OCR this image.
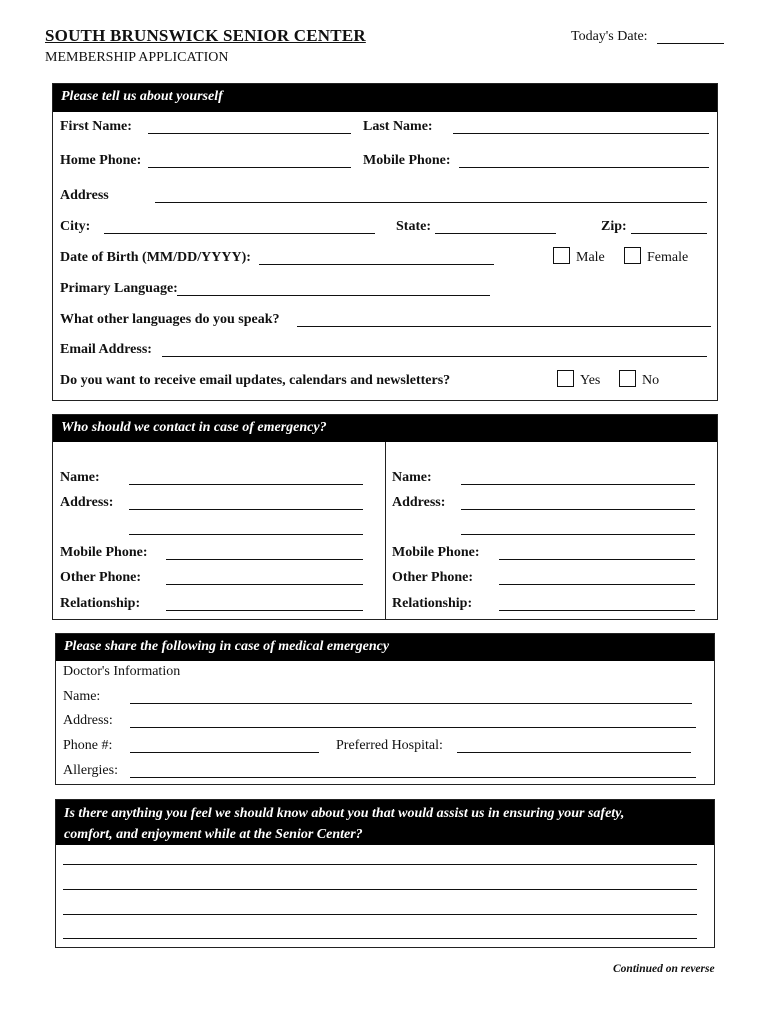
SOUTH BRUNSWICK SENIOR CENTER
MEMBERSHIP APPLICATION
Today's Date:
Please tell us about yourself
First Name:	Last Name:
Home Phone:	Mobile Phone:
Address
City:	State:	Zip:
Date of Birth (MM/DD/YYYY):	Male	Female
Primary Language:
What other languages do you speak?
Email Address:
Do you want to receive email updates, calendars and newsletters?	Yes	No
Who should we contact in case of emergency?
Name:
Address:
Mobile Phone:
Other Phone:
Relationship:
Name:
Address:
Mobile Phone:
Other Phone:
Relationship:
Please share the following in case of medical emergency
Doctor's Information
Name:
Address:
Phone #:	Preferred Hospital:
Allergies:
Is there anything you feel we should know about you that would assist us in ensuring your safety,
comfort, and enjoyment while at the Senior Center?
Continued on reverse
